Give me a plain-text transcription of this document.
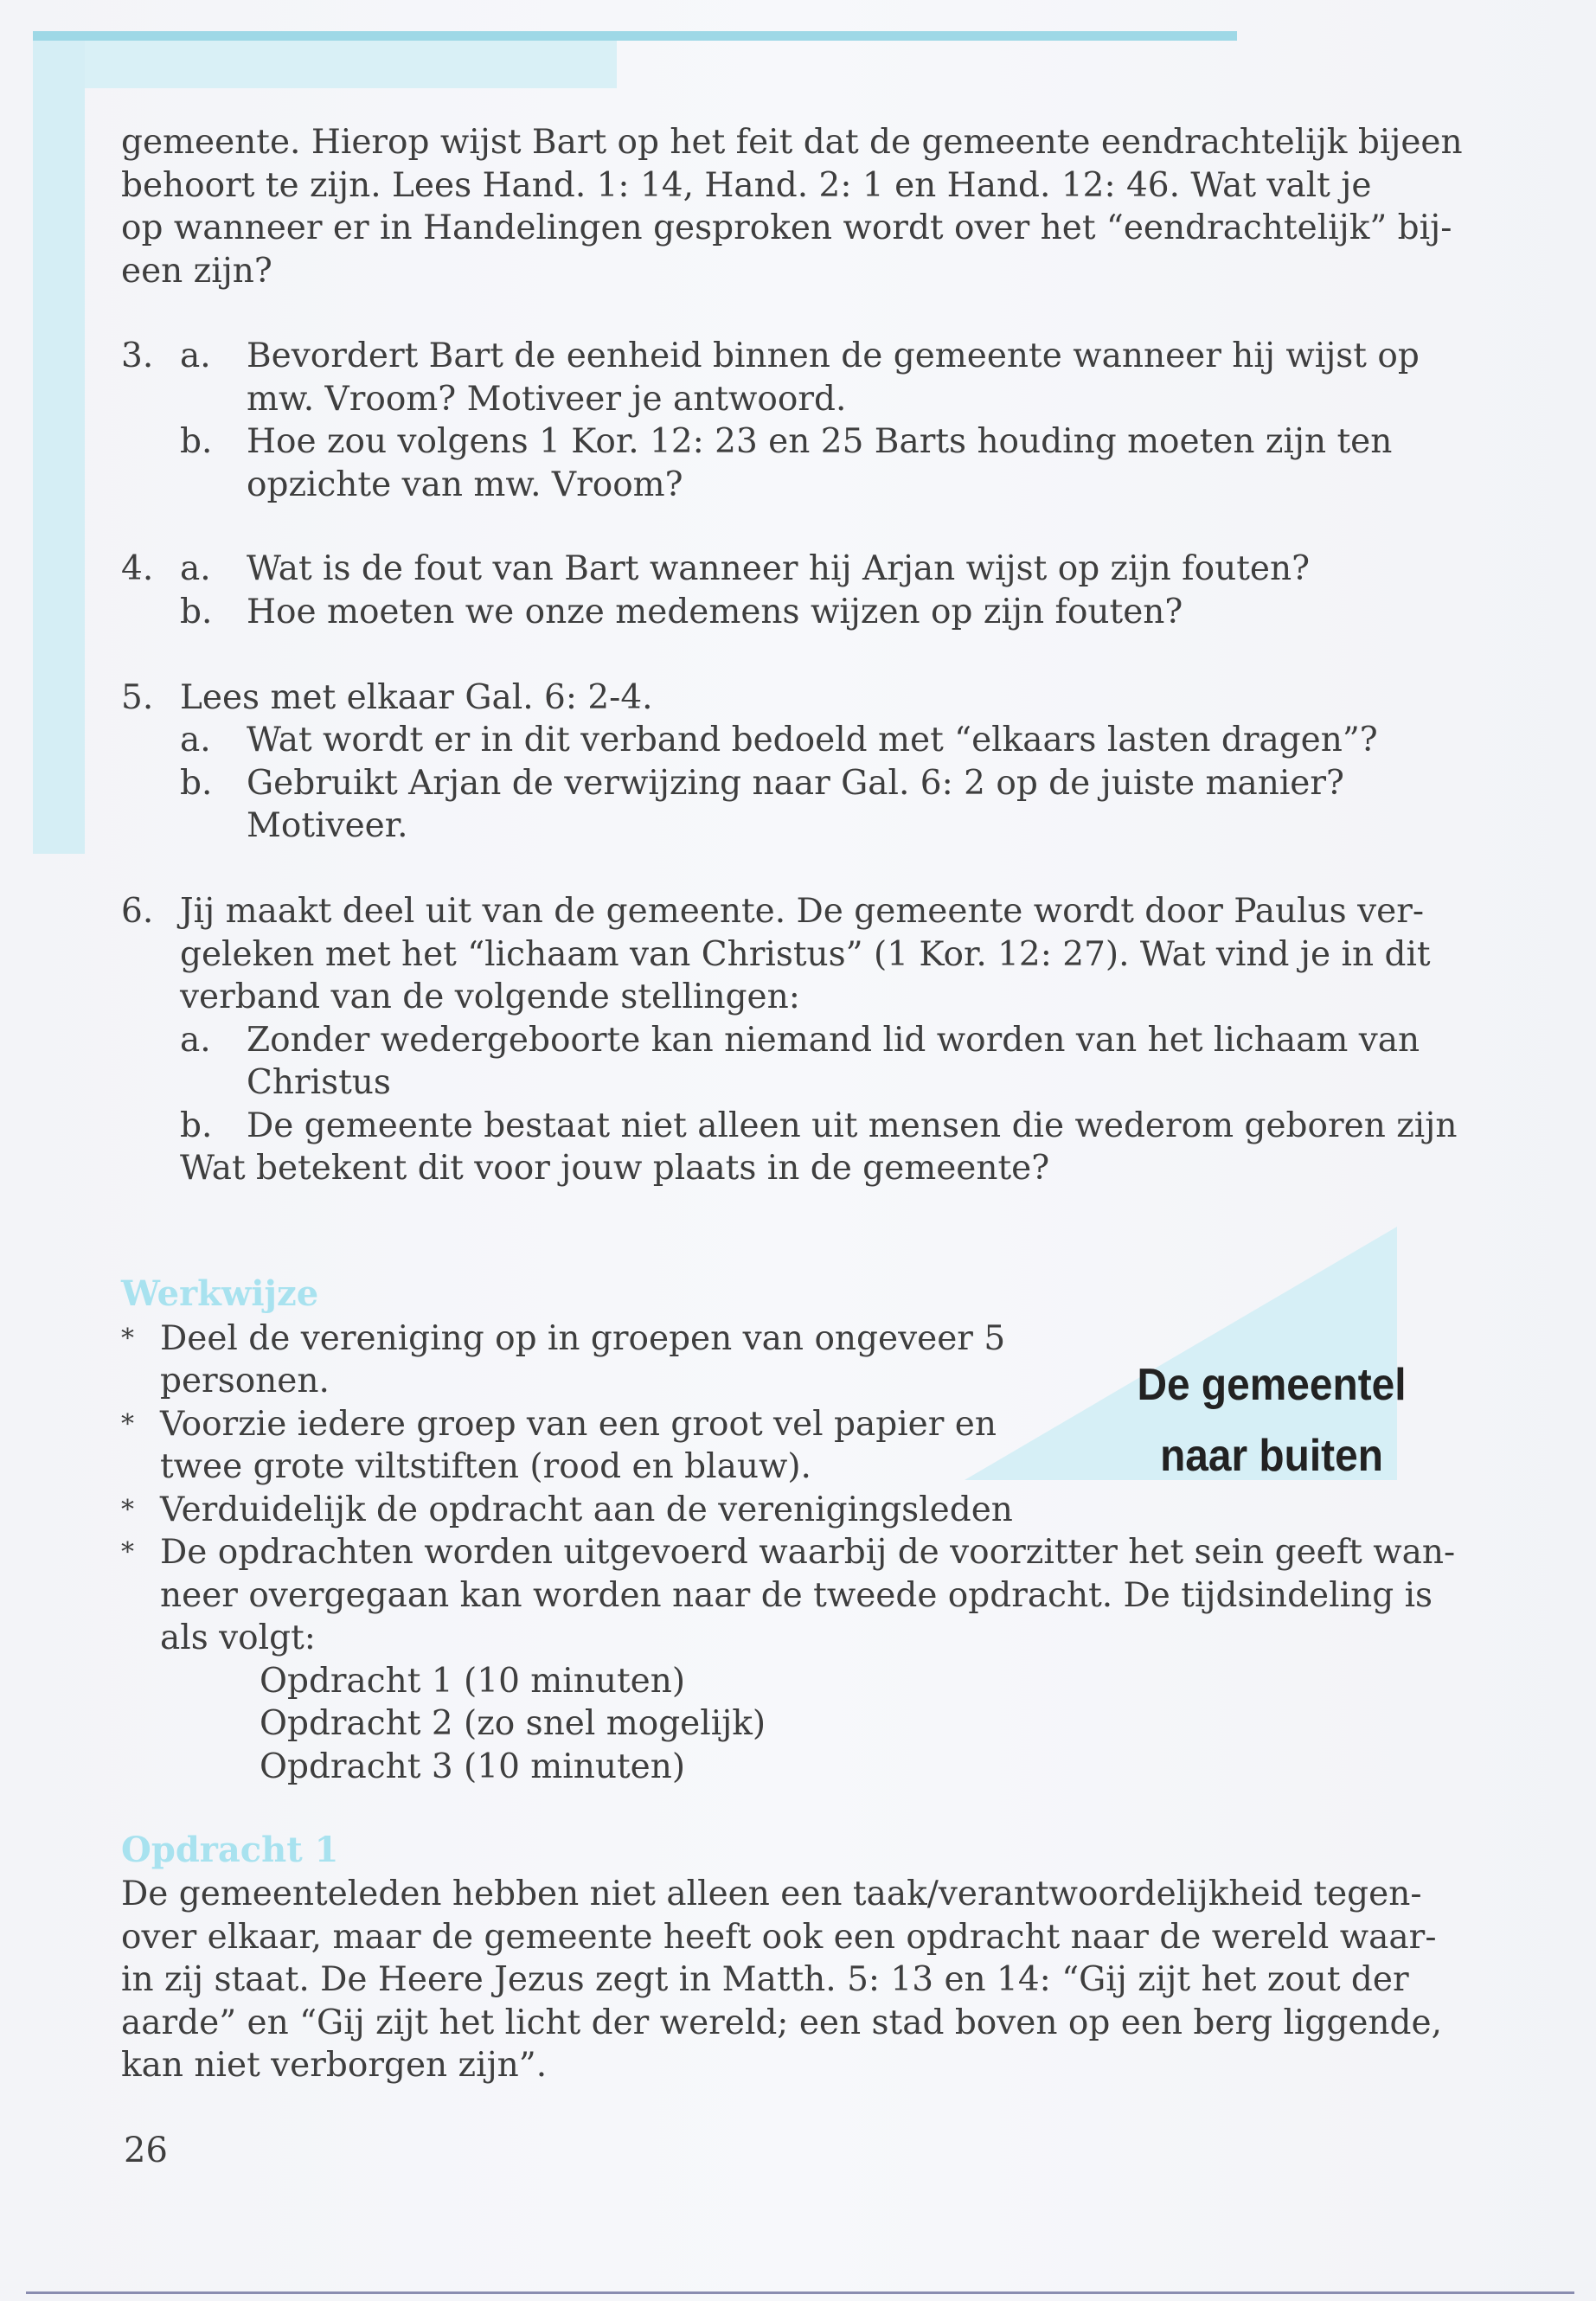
gemeente. Hierop wijst Bart op het feit dat de gemeente eendrachtelijk bijeen
behoort te zijn. Lees Hand. 1: 14, Hand. 2: 1 en Hand. 12: 46. Wat valt je
op wanneer er in Handelingen gesproken wordt over het “eendrachtelijk” bij-
een zijn?
3. a. Bevordert Bart de eenheid binnen de gemeente wanneer hij wijst op
mw. Vroom? Motiveer je antwoord.
b. Hoe zou volgens 1 Kor. 12: 23 en 25 Barts houding moeten zijn ten
opzichte van mw. Vroom?
4. a. Wat is de fout van Bart wanneer hij Arjan wijst op zijn fouten?
b. Hoe moeten we onze medemens wijzen op zijn fouten?
5. Lees met elkaar Gal. 6: 2-4.
a. Wat wordt er in dit verband bedoeld met “elkaars lasten dragen”?
b. Gebruikt Arjan de verwijzing naar Gal. 6: 2 op de juiste manier?
Motiveer.
6. Jij maakt deel uit van de gemeente. De gemeente wordt door Paulus ver-
geleken met het “lichaam van Christus” (1 Kor. 12: 27). Wat vind je in dit
verband van de volgende stellingen:
a. Zonder wedergeboorte kan niemand lid worden van het lichaam van
Christus
b. De gemeente bestaat niet alleen uit mensen die wederom geboren zijn
Wat betekent dit voor jouw plaats in de gemeente?
De gemeentel
naar buiten
Werkwijze
* Deel de vereniging op in groepen van ongeveer 5
personen.
* Voorzie iedere groep van een groot vel papier en
twee grote viltstiften (rood en blauw).
* Verduidelijk de opdracht aan de verenigingsleden
* De opdrachten worden uitgevoerd waarbij de voorzitter het sein geeft wan-
neer overgegaan kan worden naar de tweede opdracht. De tijdsindeling is
als volgt:
Opdracht 1 (10 minuten)
Opdracht 2 (zo snel mogelijk)
Opdracht 3 (10 minuten)
Opdracht 1
De gemeenteleden hebben niet alleen een taak/verantwoordelijkheid tegen-
over elkaar, maar de gemeente heeft ook een opdracht naar de wereld waar-
in zij staat. De Heere Jezus zegt in Matth. 5: 13 en 14: “Gij zijt het zout der
aarde” en “Gij zijt het licht der wereld; een stad boven op een berg liggende,
kan niet verborgen zijn”.
26
